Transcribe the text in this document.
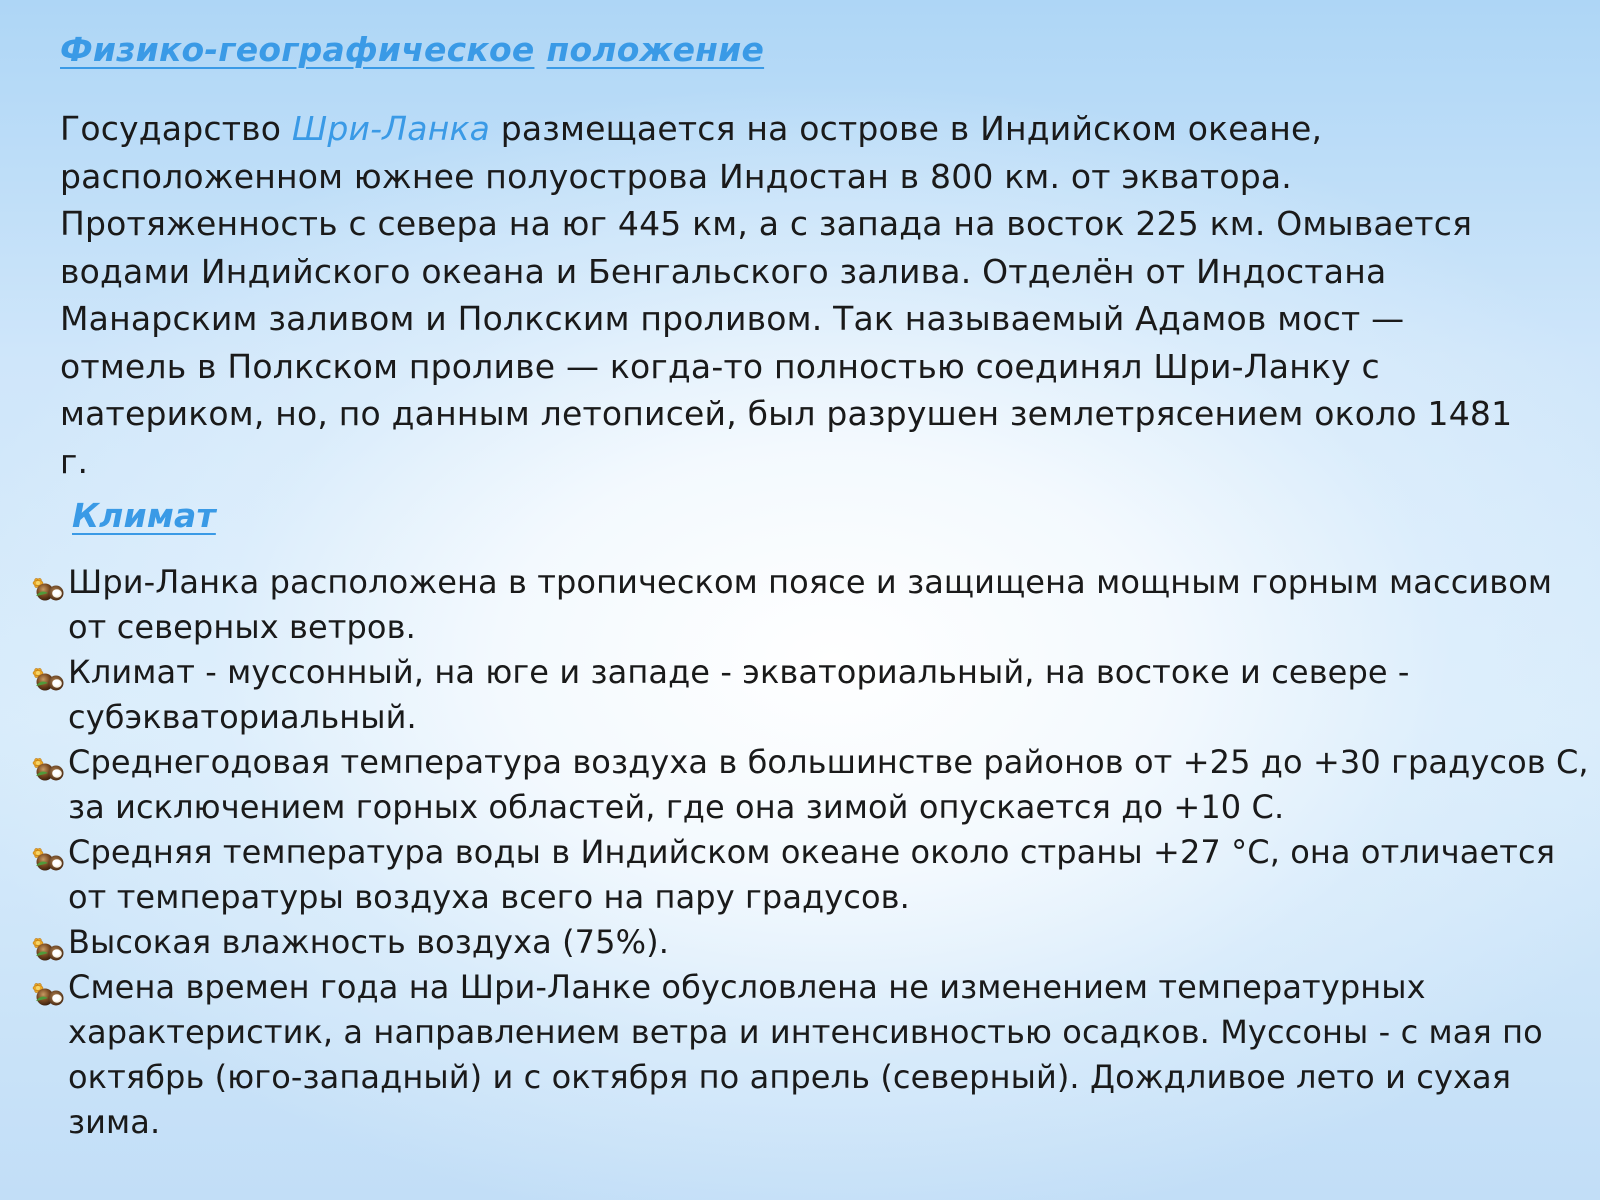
Физико-географическое положение
Государство Шри-Ланка размещается на острове в Индийском океане, расположенном южнее полуострова Индостан в 800 км. от экватора. Протяженность с севера на юг 445 км, а с запада на восток 225 км. Омывается водами Индийского океана и Бенгальского залива. Отделён от Индостана Манарским заливом и Полкским проливом. Так называемый Адамов мост — отмель в Полкском проливе — когда-то полностью соединял Шри-Ланку с материком, но, по данным летописей, был разрушен землетрясением около 1481 г.
Климат
Шри-Ланка расположена в тропическом поясе и защищена мощным горным массивом от северных ветров.
Климат - муссонный, на юге и западе - экваториальный, на востоке и севере - субэкваториальный.
Среднегодовая температура воздуха в большинстве районов от +25 до +30 градусов С, за исключением горных областей, где она зимой опускается до +10 С.
Средняя температура воды в Индийском океане около страны +27 °С, она отличается от температуры воздуха всего на пару градусов.
Высокая влажность воздуха (75%).
Смена времен года на Шри-Ланке обусловлена не изменением температурных характеристик, а направлением ветра и интенсивностью осадков. Муссоны - с мая по октябрь (юго-западный) и с октября по апрель (северный). Дождливое лето и сухая зима.
